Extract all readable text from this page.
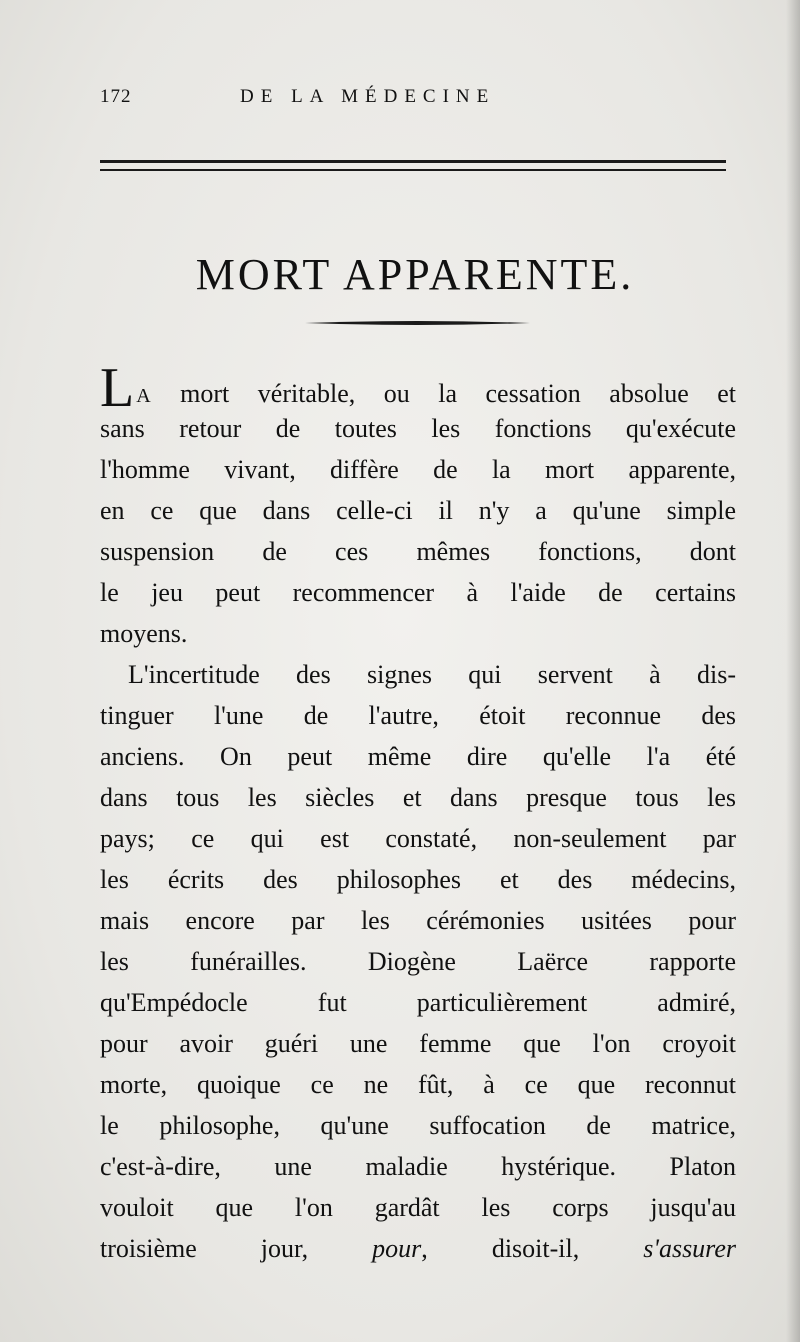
172	DE LA MÉDECINE
MORT APPARENTE.
L A mort véritable, ou la cessation absolue et
sans retour de toutes les fonctions qu'exécute
l'homme vivant, diffère de la mort apparente,
en ce que dans celle-ci il n'y a qu'une simple
suspension de ces mêmes fonctions, dont
le jeu peut recommencer à l'aide de certains
moyens.
L'incertitude des signes qui servent à dis-
tinguer l'une de l'autre, étoit reconnue des
anciens. On peut même dire qu'elle l'a été
dans tous les siècles et dans presque tous les
pays; ce qui est constaté, non-seulement par
les écrits des philosophes et des médecins,
mais encore par les cérémonies usitées pour
les funérailles. Diogène Laërce rapporte
qu'Empédocle fut particulièrement admiré,
pour avoir guéri une femme que l'on croyoit
morte, quoique ce ne fût, à ce que reconnut
le philosophe, qu'une suffocation de matrice,
c'est-à-dire, une maladie hystérique. Platon
vouloit que l'on gardât les corps jusqu'au
troisième jour, pour, disoit-il, s'assurer
